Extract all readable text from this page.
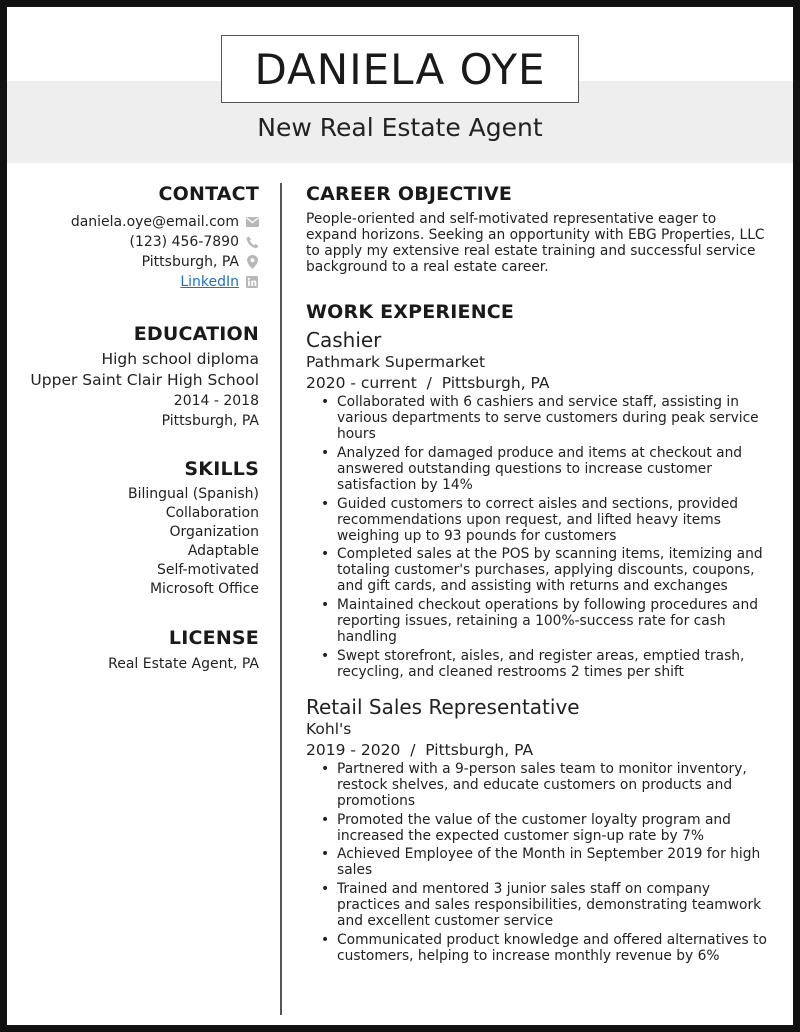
DANIELA OYE
New Real Estate Agent
CONTACT
daniela.oye@email.com
(123) 456-7890
Pittsburgh, PA
LinkedIn
EDUCATION
High school diploma
Upper Saint Clair High School
2014 - 2018
Pittsburgh, PA
SKILLS
Bilingual (Spanish)
Collaboration
Organization
Adaptable
Self-motivated
Microsoft Office
LICENSE
Real Estate Agent, PA
CAREER OBJECTIVE

People-oriented and self-motivated representative eager to expand horizons. Seeking an opportunity with EBG Properties, LLC to apply my extensive real estate training and successful service background to a real estate career.

WORK EXPERIENCE
Cashier
Pathmark Supermarket
2020 - current  /  Pittsburgh, PA
• Collaborated with 6 cashiers and service staff, assisting in various departments to serve customers during peak service hours
• Analyzed for damaged produce and items at checkout and answered outstanding questions to increase customer satisfaction by 14%
• Guided customers to correct aisles and sections, provided recommendations upon request, and lifted heavy items weighing up to 93 pounds for customers
• Completed sales at the POS by scanning items, itemizing and totaling customer's purchases, applying discounts, coupons, and gift cards, and assisting with returns and exchanges
• Maintained checkout operations by following procedures and reporting issues, retaining a 100%-success rate for cash handling
• Swept storefront, aisles, and register areas, emptied trash, recycling, and cleaned restrooms 2 times per shift
Retail Sales Representative
Kohl's
2019 - 2020  /  Pittsburgh, PA
• Partnered with a 9-person sales team to monitor inventory, restock shelves, and educate customers on products and promotions
• Promoted the value of the customer loyalty program and increased the expected customer sign-up rate by 7%
• Achieved Employee of the Month in September 2019 for high sales
• Trained and mentored 3 junior sales staff on company practices and sales responsibilities, demonstrating teamwork and excellent customer service
• Communicated product knowledge and offered alternatives to customers, helping to increase monthly revenue by 6%
